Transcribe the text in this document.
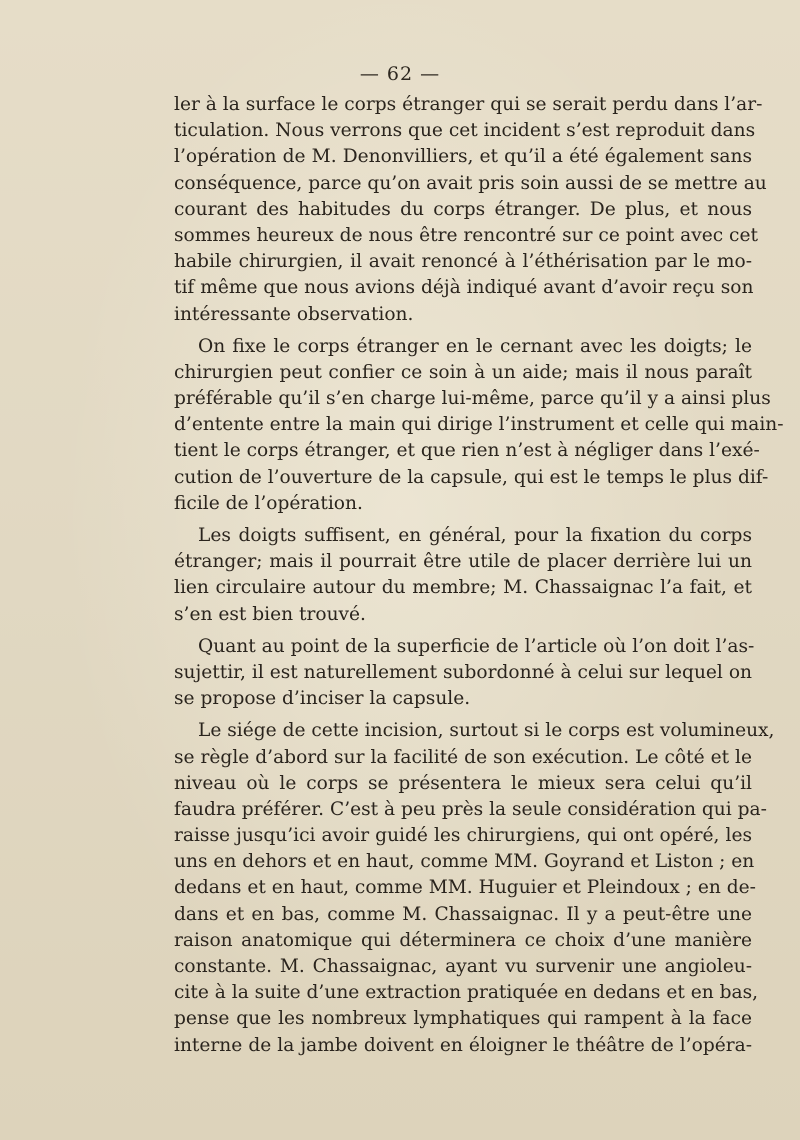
— 62 —
ler à la surface le corps étranger qui se serait perdu dans l’ar-
ticulation. Nous verrons que cet incident s’est reproduit dans
l’opération de M. Denonvilliers, et qu’il a été également sans
conséquence, parce qu’on avait pris soin aussi de se mettre au
courant des habitudes du corps étranger. De plus, et nous
sommes heureux de nous être rencontré sur ce point avec cet
habile chirurgien, il avait renoncé à l’éthérisation par le mo-
tif même que nous avions déjà indiqué avant d’avoir reçu son
intéressante observation.
On fixe le corps étranger en le cernant avec les doigts; le
chirurgien peut confier ce soin à un aide; mais il nous paraît
préférable qu’il s’en charge lui-même, parce qu’il y a ainsi plus
d’entente entre la main qui dirige l’instrument et celle qui main-
tient le corps étranger, et que rien n’est à négliger dans l’exé-
cution de l’ouverture de la capsule, qui est le temps le plus dif-
ficile de l’opération.
Les doigts suffisent, en général, pour la fixation du corps
étranger; mais il pourrait être utile de placer derrière lui un
lien circulaire autour du membre; M. Chassaignac l’a fait, et
s’en est bien trouvé.
Quant au point de la superficie de l’article où l’on doit l’as-
sujettir, il est naturellement subordonné à celui sur lequel on
se propose d’inciser la capsule.
Le siége de cette incision, surtout si le corps est volumineux,
se règle d’abord sur la facilité de son exécution. Le côté et le
niveau où le corps se présentera le mieux sera celui qu’il
faudra préférer. C’est à peu près la seule considération qui pa-
raisse jusqu’ici avoir guidé les chirurgiens, qui ont opéré, les
uns en dehors et en haut, comme MM. Goyrand et Liston ; en
dedans et en haut, comme MM. Huguier et Pleindoux ; en de-
dans et en bas, comme M. Chassaignac. Il y a peut-être une
raison anatomique qui déterminera ce choix d’une manière
constante. M. Chassaignac, ayant vu survenir une angioleu-
cite à la suite d’une extraction pratiquée en dedans et en bas,
pense que les nombreux lymphatiques qui rampent à la face
interne de la jambe doivent en éloigner le théâtre de l’opéra-
